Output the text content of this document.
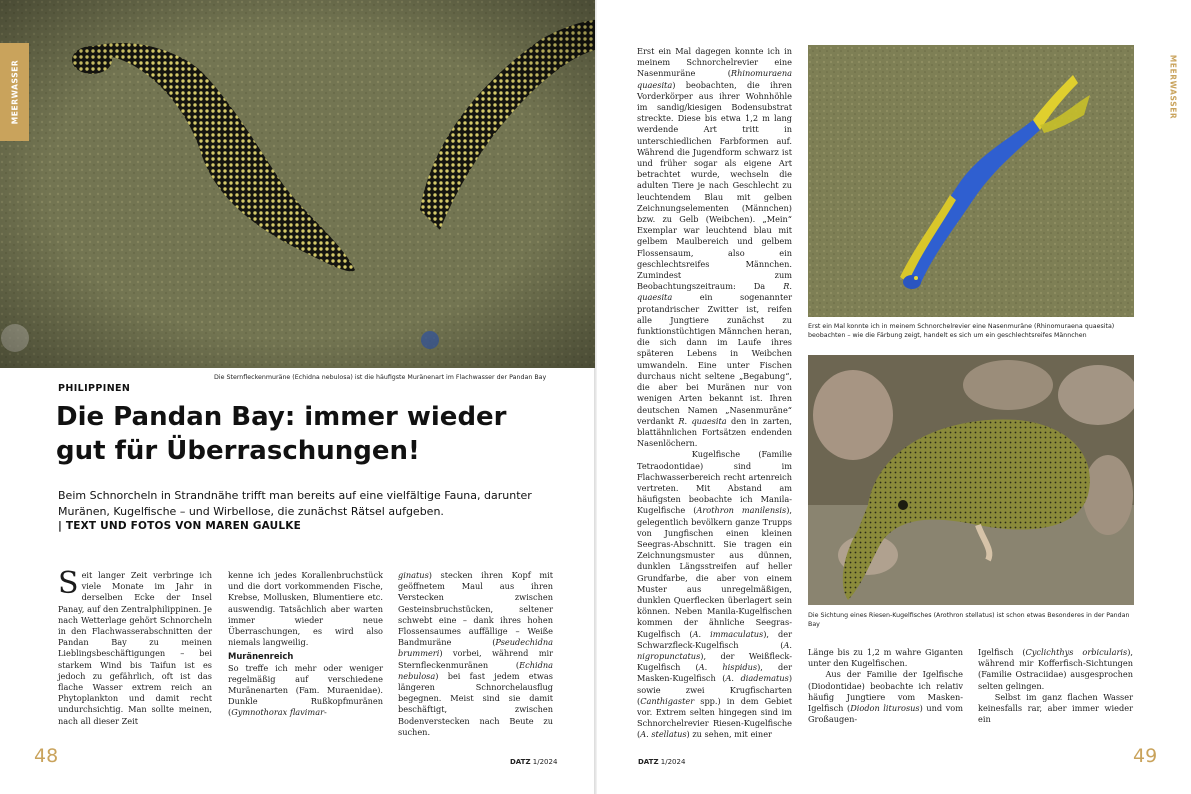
Die Sternfleckenmuräne (Echidna nebulosa) ist die häufigste Muränenart im Flachwasser der Pandan Bay
MEERWASSER
PHILIPPINEN
Die Pandan Bay: immer wieder
gut für Überraschungen!
Beim Schnorcheln in Strandnähe trifft man bereits auf eine vielfältige Fauna, darunter Muränen, Kugelfische – und Wirbellose, die zunächst Rätsel aufgeben.
| TEXT UND FOTOS VON MAREN GAULKE
Seit langer Zeit verbringe ich viele Monate im Jahr in derselben Ecke der Insel Panay, auf den Zentralphilippinen. Je nach Wetterlage gehört Schnorcheln in den Flachwasserabschnitten der Pandan Bay zu meinen Lieblingsbeschäftigungen – bei starkem Wind bis Taifun ist es jedoch zu gefährlich, oft ist das flache Wasser extrem reich an Phytoplankton und damit recht undurchsichtig. Man sollte meinen, nach all dieser Zeit
kenne ich jedes Korallenbruchstück und die dort vorkommenden Fische, Krebse, Mollusken, Blumentiere etc. auswendig. Tatsächlich aber warten immer wieder neue Überraschungen, es wird also niemals langweilig.
Muränenreich
So treffe ich mehr oder weniger regelmäßig auf verschiedene Muränenarten (Fam. Muraenidae). Dunkle Rußkopfmuränen (Gymnothorax flavimar-
ginatus) stecken ihren Kopf mit geöffnetem Maul aus ihren Verstecken zwischen Gesteinsbruchstücken, seltener schwebt eine – dank ihres hohen Flossensaumes auffällige – Weiße Bandmuräne (Pseudechidna brummeri) vorbei, während mir Sternfleckenmuränen (Echidna nebulosa) bei fast jedem etwas längeren Schnorchelausflug begegnen. Meist sind sie damit beschäftigt, zwischen Bodenverstecken nach Beute zu suchen.
48	DATZ 1/2024
Erst ein Mal dagegen konnte ich in meinem Schnorchelrevier eine Nasenmuräne (Rhinomuraena quaesita) beobachten, die ihren Vorderkörper aus ihrer Wohnhöhle im sandig/kiesigen Bodensubstrat streckte. Diese bis etwa 1,2 m lang werdende Art tritt in unterschiedlichen Farbformen auf. Während die Jugendform schwarz ist und früher sogar als eigene Art betrachtet wurde, wechseln die adulten Tiere je nach Geschlecht zu leuchtendem Blau mit gelben Zeichnungselementen (Männchen) bzw. zu Gelb (Weibchen). „Mein“ Exemplar war leuchtend blau mit gelbem Maulbereich und gelbem Flossensaum, also ein geschlechtsreifes Männchen. Zumindest zum Beobachtungszeitraum: Da R. quaesita ein sogenannter protandrischer Zwitter ist, reifen alle Jungtiere zunächst zu funktionstüchtigen Männchen heran, die sich dann im Laufe ihres späteren Lebens in Weibchen umwandeln. Eine unter Fischen durchaus nicht seltene „Begabung“, die aber bei Muränen nur von wenigen Arten bekannt ist. Ihren deutschen Namen „Nasenmuräne“ verdankt R. quaesita den in zarten, blattähnlichen Fortsätzen endenden Nasenlöchern.
Kugelfische (Familie Tetraodontidae) sind im Flachwasserbereich recht artenreich vertreten. Mit Abstand am häufigsten beobachte ich Manila-Kugelfische (Arothron manilensis), gelegentlich bevölkern ganze Trupps von Jungfischen einen kleinen Seegras-Abschnitt. Sie tragen ein Zeichnungsmuster aus dünnen, dunklen Längsstreifen auf heller Grundfarbe, die aber von einem Muster aus unregelmäßigen, dunklen Querflecken überlagert sein können. Neben Manila-Kugelfischen kommen der ähnliche Seegras-Kugelfisch (A. immaculatus), der Schwarzfleck-Kugelfisch (A. nigropunctatus), der Weißfleck-Kugelfisch (A. hispidus), der Masken-Kugelfisch (A. diadematus) sowie zwei Krugfischarten (Canthigaster spp.) in dem Gebiet vor. Extrem selten hingegen sind im Schnorchelrevier Riesen-Kugelfische (A. stellatus) zu sehen, mit einer
Erst ein Mal konnte ich in meinem Schnorchelrevier eine Nasenmuräne (Rhinomuraena quaesita) beobachten – wie die Färbung zeigt, handelt es sich um ein geschlechtsreifes Männchen
Die Sichtung eines Riesen-Kugelfisches (Arothron stellatus) ist schon etwas Besonderes in der Pandan Bay
Länge bis zu 1,2 m wahre Giganten unter den Kugelfischen.
Aus der Familie der Igelfische (Diodontidae) beobachte ich relativ häufig Jungtiere vom Masken-Igelfisch (Diodon liturosus) und vom Großaugen-
Igelfisch (Cyclichthys orbicularis), während mir Kofferfisch-Sichtungen (Familie Ostraciidae) ausgesprochen selten gelingen.
Selbst im ganz flachen Wasser keinesfalls rar, aber immer wieder ein
MEERWASSER
DATZ 1/2024	49
